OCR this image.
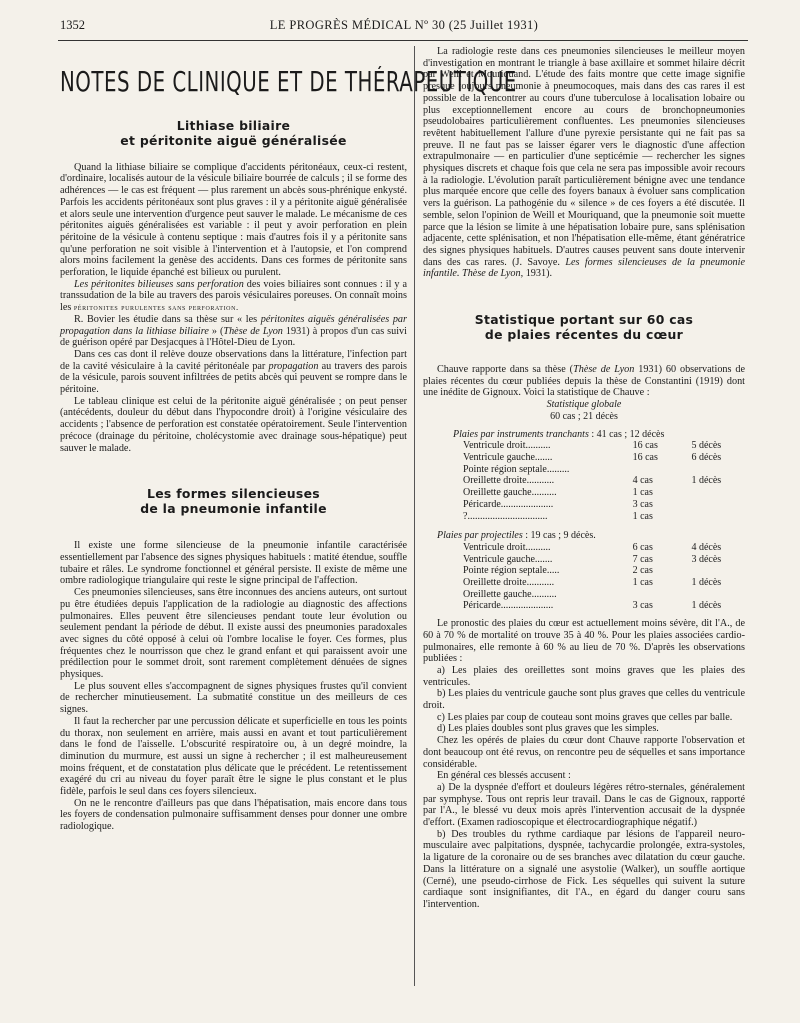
1352	LE PROGRÈS MÉDICAL Nº 30 (25 Juillet 1931)
NOTES DE CLINIQUE ET DE THÉRAPEUTIQUE
Lithiase biliaire
et péritonite aiguë généralisée

Quand la lithiase biliaire se complique d'accidents péritonéaux, ceux-ci restent, d'ordinaire, localisés autour de la vésicule biliaire bourrée de calculs ; il se forme des adhérences — le cas est fréquent — plus rarement un abcès sous-phrénique enkysté. Parfois les accidents péritonéaux sont plus graves : il y a péritonite aiguë généralisée et alors seule une intervention d'urgence peut sauver le malade. Le mécanisme de ces péritonites aiguës généralisées est variable : il peut y avoir perforation en plein péritoine de la vésicule à contenu septique : mais d'autres fois il y a péritonite sans qu'une perforation ne soit visible à l'intervention et à l'autopsie, et l'on comprend alors moins facilement la genèse des accidents. Dans ces formes de péritonite sans perforation, le liquide épanché est bilieux ou purulent.

Les péritonites bilieuses sans perforation des voies biliaires sont connues : il y a transsudation de la bile au travers des parois vésiculaires poreuses. On connaît moins les péritonites purulentes sans perforation.

R. Bovier les étudie dans sa thèse sur « les péritonites aiguës généralisées par propagation dans la lithiase biliaire » (Thèse de Lyon 1931) à propos d'un cas suivi de guérison opéré par Desjacques à l'Hôtel-Dieu de Lyon.

Dans ces cas dont il relève douze observations dans la littérature, l'infection part de la cavité vésiculaire à la cavité péritonéale par propagation au travers des parois de la vésicule, parois souvent infiltrées de petits abcès qui peuvent se rompre dans le péritoine.

Le tableau clinique est celui de la péritonite aiguë généralisée ; on peut penser (antécédents, douleur du début dans l'hypocondre droit) à l'origine vésiculaire des accidents ; l'absence de perforation est constatée opératoirement. Seule l'intervention précoce (drainage du péritoine, cholécystomie avec drainage sous-hépatique) peut sauver le malade.

Les formes silencieuses
de la pneumonie infantile

Il existe une forme silencieuse de la pneumonie infantile caractérisée essentiellement par l'absence des signes physiques habituels : matité étendue, souffle tubaire et râles. Le syndrome fonctionnel et général persiste. Il existe de même une ombre radiologique triangulaire qui reste le signe principal de l'affection.

Ces pneumonies silencieuses, sans être inconnues des anciens auteurs, ont surtout pu être étudiées depuis l'application de la radiologie au diagnostic des affections pulmonaires. Elles peuvent être silencieuses pendant toute leur évolution ou seulement pendant la période de début. Il existe aussi des pneumonies paradoxales avec signes du côté opposé à celui où l'ombre localise le foyer. Ces formes, plus fréquentes chez le nourrisson que chez le grand enfant et qui paraissent avoir une prédilection pour le sommet droit, sont rarement complètement dénuées de signes physiques.

Le plus souvent elles s'accompagnent de signes physiques frustes qu'il convient de rechercher minutieusement. La submatité constitue un des meilleurs de ces signes.

Il faut la rechercher par une percussion délicate et superficielle en tous les points du thorax, non seulement en arrière, mais aussi en avant et tout particulièrement dans le fond de l'aisselle. L'obscurité respiratoire ou, à un degré moindre, la diminution du murmure, est aussi un signe à rechercher ; il est malheureusement moins fréquent, et de constatation plus délicate que le précédent. Le retentissement exagéré du cri au niveau du foyer paraît être le signe le plus constant et le plus fidèle, parfois le seul dans ces foyers silencieux.

On ne le rencontre d'ailleurs pas que dans l'hépatisation, mais encore dans tous les foyers de condensation pulmonaire suffisamment denses pour donner une ombre radiologique.

La radiologie reste dans ces pneumonies silencieuses le meilleur moyen d'investigation en montrant le triangle à base axillaire et sommet hilaire décrit par Weill et Mouriquand. L'étude des faits montre que cette image signifie presque toujours pneumonie à pneumocoques, mais dans des cas rares il est possible de la rencontrer au cours d'une tuberculose à localisation lobaire ou plus exceptionnellement encore au cours de bronchopneumonies pseudolobaires particulièrement confluentes. Les pneumonies silencieuses revêtent habituellement l'allure d'une pyrexie persistante qui ne fait pas sa preuve. Il ne faut pas se laisser égarer vers le diagnostic d'une affection extrapulmonaire — en particulier d'une septicémie — rechercher les signes physiques discrets et chaque fois que cela ne sera pas impossible avoir recours à la radiologie. L'évolution paraît particulièrement bénigne avec une tendance plus marquée encore que celle des foyers banaux à évoluer sans complication vers la guérison. La pathogénie du « silence » de ces foyers a été discutée. Il semble, selon l'opinion de Weill et Mouriquand, que la pneumonie soit muette parce que la lésion se limite à une hépatisation lobaire pure, sans splénisation adjacente, cette splénisation, et non l'hépatisation elle-même, étant génératrice des signes physiques habituels. D'autres causes peuvent sans doute intervenir dans des cas rares. (J. Savoye. Les formes silencieuses de la pneumonie infantile. Thèse de Lyon, 1931).

Statistique portant sur 60 cas
de plaies récentes du cœur

Chauve rapporte dans sa thèse (Thèse de Lyon 1931) 60 observations de plaies récentes du cœur publiées depuis la thèse de Constantini (1919) dont une inédite de Gignoux. Voici la statistique de Chauve :

Statistique globale
60 cas ; 21 décès
Plaies par instruments tranchants : 41 cas ; 12 décès
Ventricule droit..........	16 cas	5 décès
Ventricule gauche.......	16 cas	6 décès
Pointe région septale.........
Oreillette droite...........	4 cas	1 décès
Oreillette gauche..........	1 cas
Péricarde.....................	3 cas
?................................	1 cas
Plaies par projectiles : 19 cas ; 9 décès.
Ventricule droit..........	6 cas	4 décès
Ventricule gauche.......	7 cas	3 décès
Pointe région septale.....	2 cas
Oreillette droite...........	1 cas	1 décès
Oreillette gauche..........
Péricarde.....................	3 cas	1 décès

Le pronostic des plaies du cœur est actuellement moins sévère, dit l'A., de 60 à 70 % de mortalité on trouve 35 à 40 %. Pour les plaies associées cardio-pulmonaires, elle remonte à 60 % au lieu de 70 %. D'après les observations publiées :

a) Les plaies des oreillettes sont moins graves que les plaies des ventricules.

b) Les plaies du ventricule gauche sont plus graves que celles du ventricule droit.

c) Les plaies par coup de couteau sont moins graves que celles par balle.

d) Les plaies doubles sont plus graves que les simples.

Chez les opérés de plaies du cœur dont Chauve rapporte l'observation et dont beaucoup ont été revus, on rencontre peu de séquelles et sans importance considérable.

En général ces blessés accusent :

a) De la dyspnée d'effort et douleurs légères rétro-sternales, généralement par symphyse. Tous ont repris leur travail. Dans le cas de Gignoux, rapporté par l'A., le blessé vu deux mois après l'intervention accusait de la dyspnée d'effort. (Examen radioscopique et électrocardiographique négatif.)

b) Des troubles du rythme cardiaque par lésions de l'appareil neuro-musculaire avec palpitations, dyspnée, tachycardie prolongée, extra-systoles, la ligature de la coronaire ou de ses branches avec dilatation du cœur gauche. Dans la littérature on a signalé une asystolie (Walker), un souffle aortique (Cerné), une pseudo-cirrhose de Fick. Les séquelles qui suivent la suture cardiaque sont insignifiantes, dit l'A., en égard du danger couru sans l'intervention.
